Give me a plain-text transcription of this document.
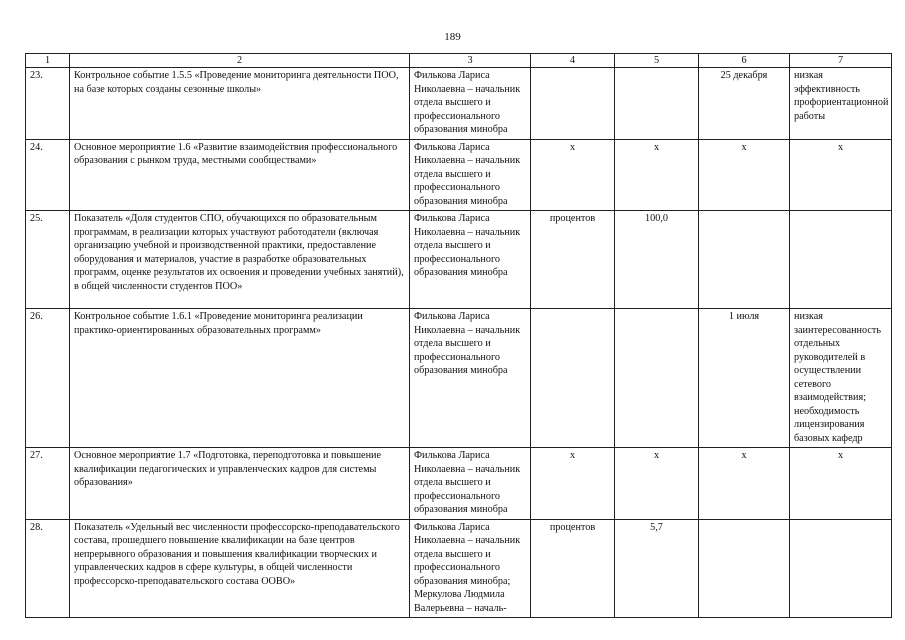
189
1	2	3	4	5	6	7
23.	Контрольное событие 1.5.5 «Проведение мониторинга деятельности ПОО, на базе которых созданы сезонные школы»	Филькова Лариса Николаевна – начальник отдела высшего и профессионального образования минобра			25 декабря	низкая эффективность профориентационной работы
24.	Основное мероприятие 1.6 «Развитие взаимодействия профессионального образования с рынком труда, местными сообществами»	Филькова Лариса Николаевна – начальник отдела высшего и профессионального образования минобра	x	x	x	x
25.	Показатель «Доля студентов СПО, обучающихся по образовательным программам, в реализации которых участвуют работодатели (включая организацию учебной и производственной практики, предоставление оборудования и материалов, участие в разработке образовательных программ, оценке результатов их освоения и проведении учебных занятий), в общей численности студентов ПОО»	Филькова Лариса Николаевна – начальник отдела высшего и профессионального образования минобра	процентов	100,0		
26.	Контрольное событие 1.6.1 «Проведение мониторинга реализации практико-ориентированных образовательных программ»	Филькова Лариса Николаевна – начальник отдела высшего и профессионального образования минобра			1 июля	низкая заинтересованность отдельных руководителей в осуществлении сетевого взаимодействия; необходимость лицензирования базовых кафедр
27.	Основное мероприятие 1.7 «Подготовка, переподготовка и повышение квалификации педагогических и управленческих кадров для системы образования»	Филькова Лариса Николаевна – начальник отдела высшего и профессионального образования минобра	x	x	x	x
28.	Показатель «Удельный вес численности профессорско-преподавательского состава, прошедшего повышение квалификации на базе центров непрерывного образования и повышения квалификации творческих и управленческих кадров в сфере культуры, в общей численности профессорско-преподавательского состава ООВО»	Филькова Лариса Николаевна – начальник отдела высшего и профессионального образования минобра; Меркулова Людмила Валерьевна – началь-	процентов	5,7		
